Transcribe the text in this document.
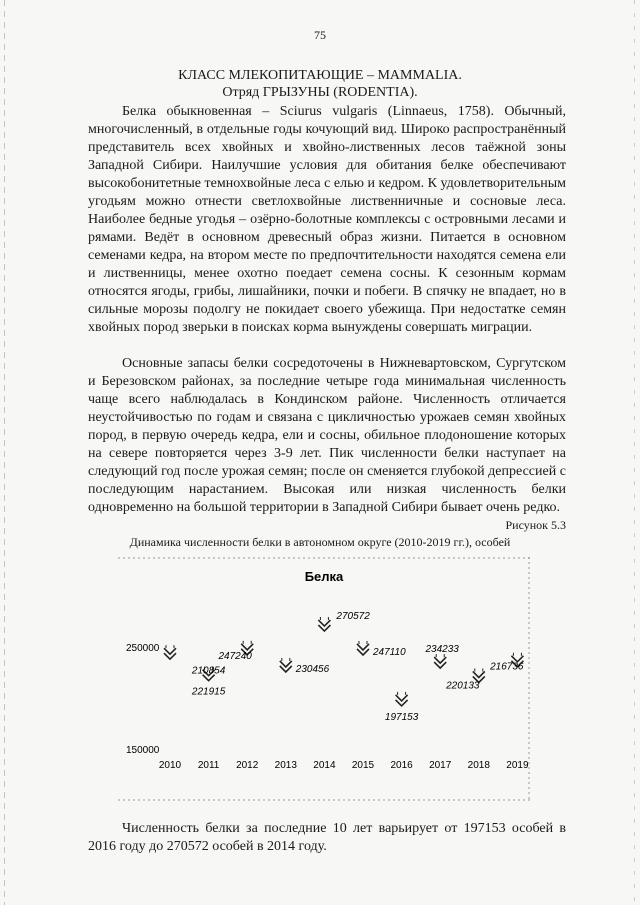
75
КЛАСС МЛЕКОПИТАЮЩИЕ – MAMMALIA.
Отряд ГРЫЗУНЫ (RODENTIA).

Белка обыкновенная – Sciurus vulgaris (Linnaeus, 1758). Обычный, многочисленный, в отдельные годы кочующий вид. Широко распространённый представитель всех хвойных и хвойно-лиственных лесов таёжной зоны Западной Сибири. Наилучшие условия для обитания белке обеспечивают высокобонитетные темнохвойные леса с елью и кедром. К удовлетворительным угодьям можно отнести светлохвойные лиственничные и сосновые леса. Наиболее бедные угодья – озёрно-болотные комплексы с островными лесами и рямами. Ведёт в основном древесный образ жизни. Питается в основном семенами кедра, на втором месте по предпочтительности находятся семена ели и лиственницы, менее охотно поедает семена сосны. К сезонным кормам относятся ягоды, грибы, лишайники, почки и побеги. В спячку не впадает, но в сильные морозы подолгу не покидает своего убежища. При недостатке семян хвойных пород зверьки в поисках корма вынуждены совершать миграции.

Основные запасы белки сосредоточены в Нижневартовском, Сургутском и Березовском районах, за последние четыре года минимальная численность чаще всего наблюдалась в Кондинском районе. Численность отличается неустойчивостью по годам и связана с цикличностью урожаев семян хвойных пород, в первую очередь кедра, ели и сосны, обильное плодоношение которых на севере повторяется через 3-9 лет. Пик численности белки наступает на следующий год после урожая семян; после он сменяется глубокой депрессией с последующим нарастанием. Высокая или низкая численность белки одновременно на большой территории в Западной Сибири бывает очень редко.

Рисунок 5.3
Динамика численности белки в автономном округе (2010-2019 гг.), особей
Белка
150000
250000
2010 2011 2012 2013 2014 2015 2016 2017 2018 2019
221915
247240
230456
270572
247110
197153
234233
220133
210854	216736

Численность белки за последние 10 лет варьирует от 197153 особей в 2016 году до 270572 особей в 2014 году.
